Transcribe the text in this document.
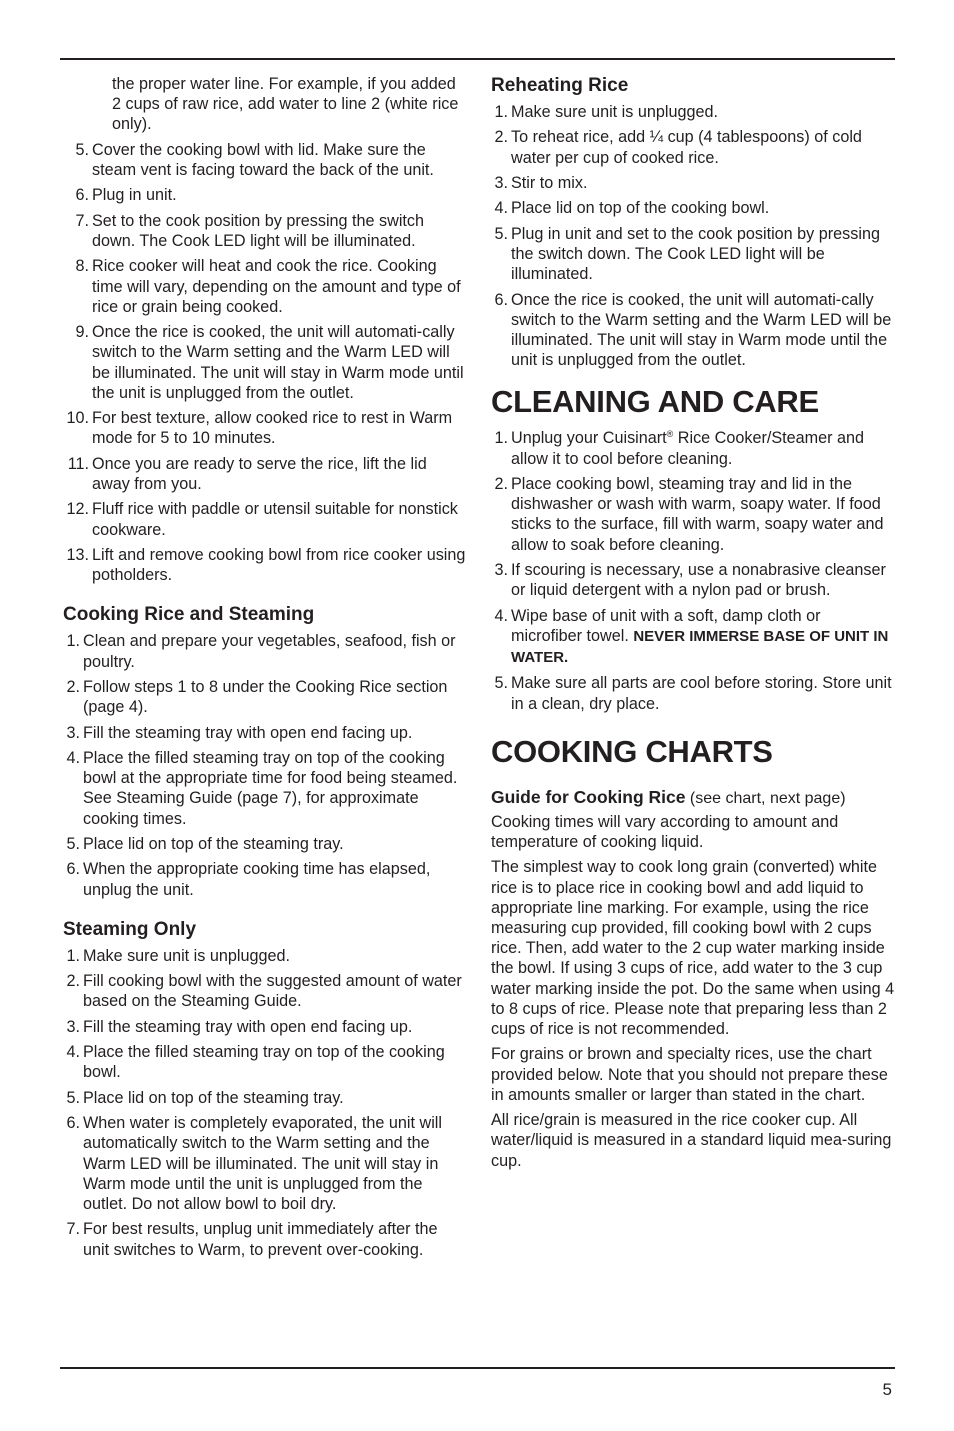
the proper water line. For example, if you added 2 cups of raw rice, add water to line 2 (white rice only).

5. Cover the cooking bowl with lid. Make sure the steam vent is facing toward the back of the unit.
6. Plug in unit.
7. Set to the cook position by pressing the switch down. The Cook LED light will be illuminated.
8. Rice cooker will heat and cook the rice. Cooking time will vary, depending on the amount and type of rice or grain being cooked.
9. Once the rice is cooked, the unit will automati-cally switch to the Warm setting and the Warm LED will be illuminated. The unit will stay in Warm mode until the unit is unplugged from the outlet.
10. For best texture, allow cooked rice to rest in Warm mode for 5 to 10 minutes.
11. Once you are ready to serve the rice, lift the lid away from you.
12. Fluff rice with paddle or utensil suitable for nonstick cookware.
13. Lift and remove cooking bowl from rice cooker using potholders.
Cooking Rice and Steaming
1. Clean and prepare your vegetables, seafood, fish or poultry.
2. Follow steps 1 to 8 under the Cooking Rice section (page 4).
3. Fill the steaming tray with open end facing up.
4. Place the filled steaming tray on top of the cooking bowl at the appropriate time for food being steamed. See Steaming Guide (page 7), for approximate cooking times.
5. Place lid on top of the steaming tray.
6. When the appropriate cooking time has elapsed, unplug the unit.
Steaming Only
1. Make sure unit is unplugged.
2. Fill cooking bowl with the suggested amount of water based on the Steaming Guide.
3. Fill the steaming tray with open end facing up.
4. Place the filled steaming tray on top of the cooking bowl.
5. Place lid on top of the steaming tray.
6. When water is completely evaporated, the unit will automatically switch to the Warm setting and the Warm LED will be illuminated. The unit will stay in Warm mode until the unit is unplugged from the outlet. Do not allow bowl to boil dry.
7. For best results, unplug unit immediately after the unit switches to Warm, to prevent over-cooking.
Reheating Rice
1. Make sure unit is unplugged.
2. To reheat rice, add ¼ cup (4 tablespoons) of cold water per cup of cooked rice.
3. Stir to mix.
4. Place lid on top of the cooking bowl.
5. Plug in unit and set to the cook position by pressing the switch down. The Cook LED light will be illuminated.
6. Once the rice is cooked, the unit will automati-cally switch to the Warm setting and the Warm LED will be illuminated. The unit will stay in Warm mode until the unit is unplugged from the outlet.
CLEANING AND CARE
1. Unplug your Cuisinart® Rice Cooker/Steamer and allow it to cool before cleaning.
2. Place cooking bowl, steaming tray and lid in the dishwasher or wash with warm, soapy water. If food sticks to the surface, fill with warm, soapy water and allow to soak before cleaning.
3. If scouring is necessary, use a nonabrasive cleanser or liquid detergent with a nylon pad or brush.
4. Wipe base of unit with a soft, damp cloth or microfiber towel. NEVER IMMERSE BASE OF UNIT IN WATER.
5. Make sure all parts are cool before storing. Store unit in a clean, dry place.
COOKING CHARTS
Guide for Cooking Rice (see chart, next page)

Cooking times will vary according to amount and temperature of cooking liquid.

The simplest way to cook long grain (converted) white rice is to place rice in cooking bowl and add liquid to appropriate line marking. For example, using the rice measuring cup provided, fill cooking bowl with 2 cups rice. Then, add water to the 2 cup water marking inside the bowl. If using 3 cups of rice, add water to the 3 cup water marking inside the pot. Do the same when using 4 to 8 cups of rice. Please note that preparing less than 2 cups of rice is not recommended.

For grains or brown and specialty rices, use the chart provided below. Note that you should not prepare these in amounts smaller or larger than stated in the chart.

All rice/grain is measured in the rice cooker cup. All water/liquid is measured in a standard liquid mea-suring cup.

5
